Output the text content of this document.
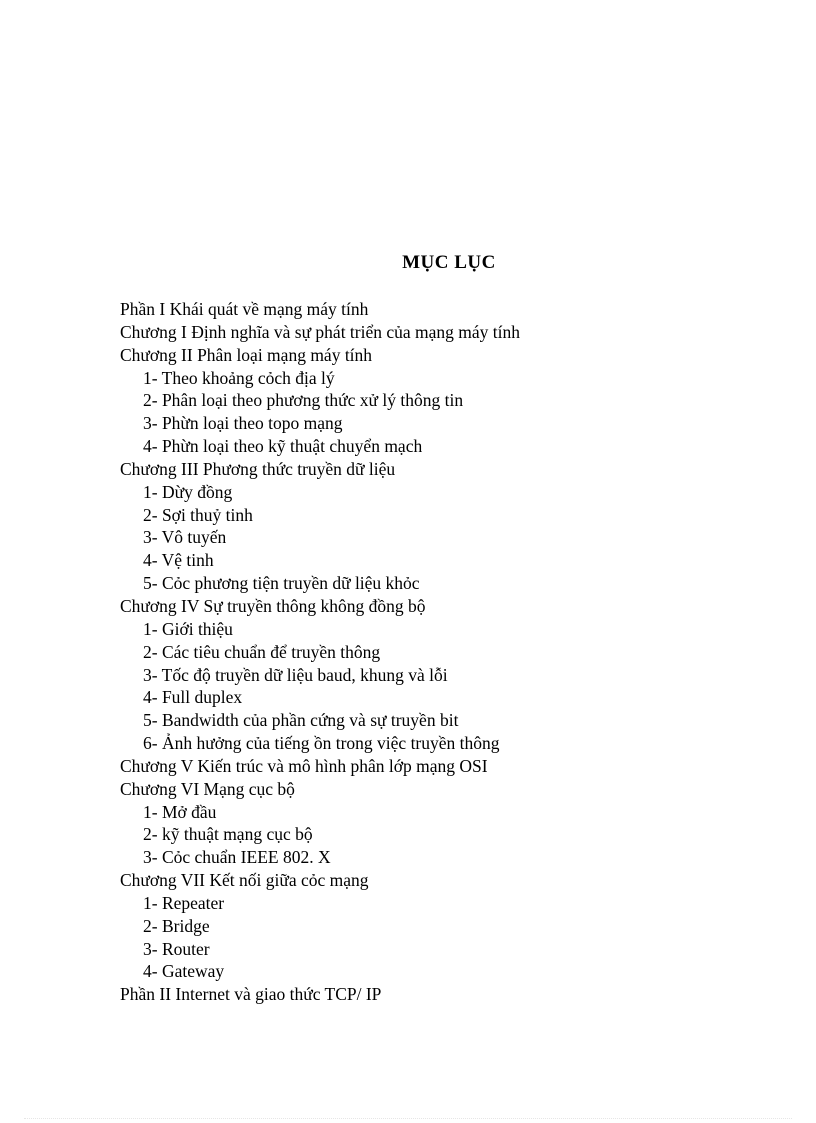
MỤC LỤC
Phần I Khái quát về mạng máy tính
Chương I Định nghĩa và sự phát triển của mạng máy tính
Chương II Phân loại mạng máy tính
1- Theo khoảng cỏch địa lý
2- Phân loại theo phương thức xử lý thông tin
3- Phừn loại theo topo mạng
4- Phừn loại theo kỹ thuật chuyển mạch
Chương III Phương thức truyền dữ liệu
1- Dừy đồng
2- Sợi thuỷ tinh
3- Vô tuyến
4- Vệ tinh
5- Cỏc phương tiện truyền dữ liệu khỏc
Chương IV Sự truyền thông không đồng bộ
1- Giới thiệu
2- Các tiêu chuẩn để truyền thông
3- Tốc độ truyền dữ liệu baud, khung và lỗi
4- Full duplex
5- Bandwidth của phần cứng và sự truyền bit
6- Ảnh hưởng của tiếng ồn trong việc truyền thông
Chương V Kiến trúc và mô hình phân lớp mạng OSI
Chương VI Mạng cục bộ
1- Mở đầu
2- kỹ thuật mạng cục bộ
3- Cỏc chuẩn IEEE 802. X
Chương VII Kết nối giữa cỏc mạng
1- Repeater
2- Bridge
3- Router
4- Gateway
Phần II Internet và giao thức TCP/ IP
